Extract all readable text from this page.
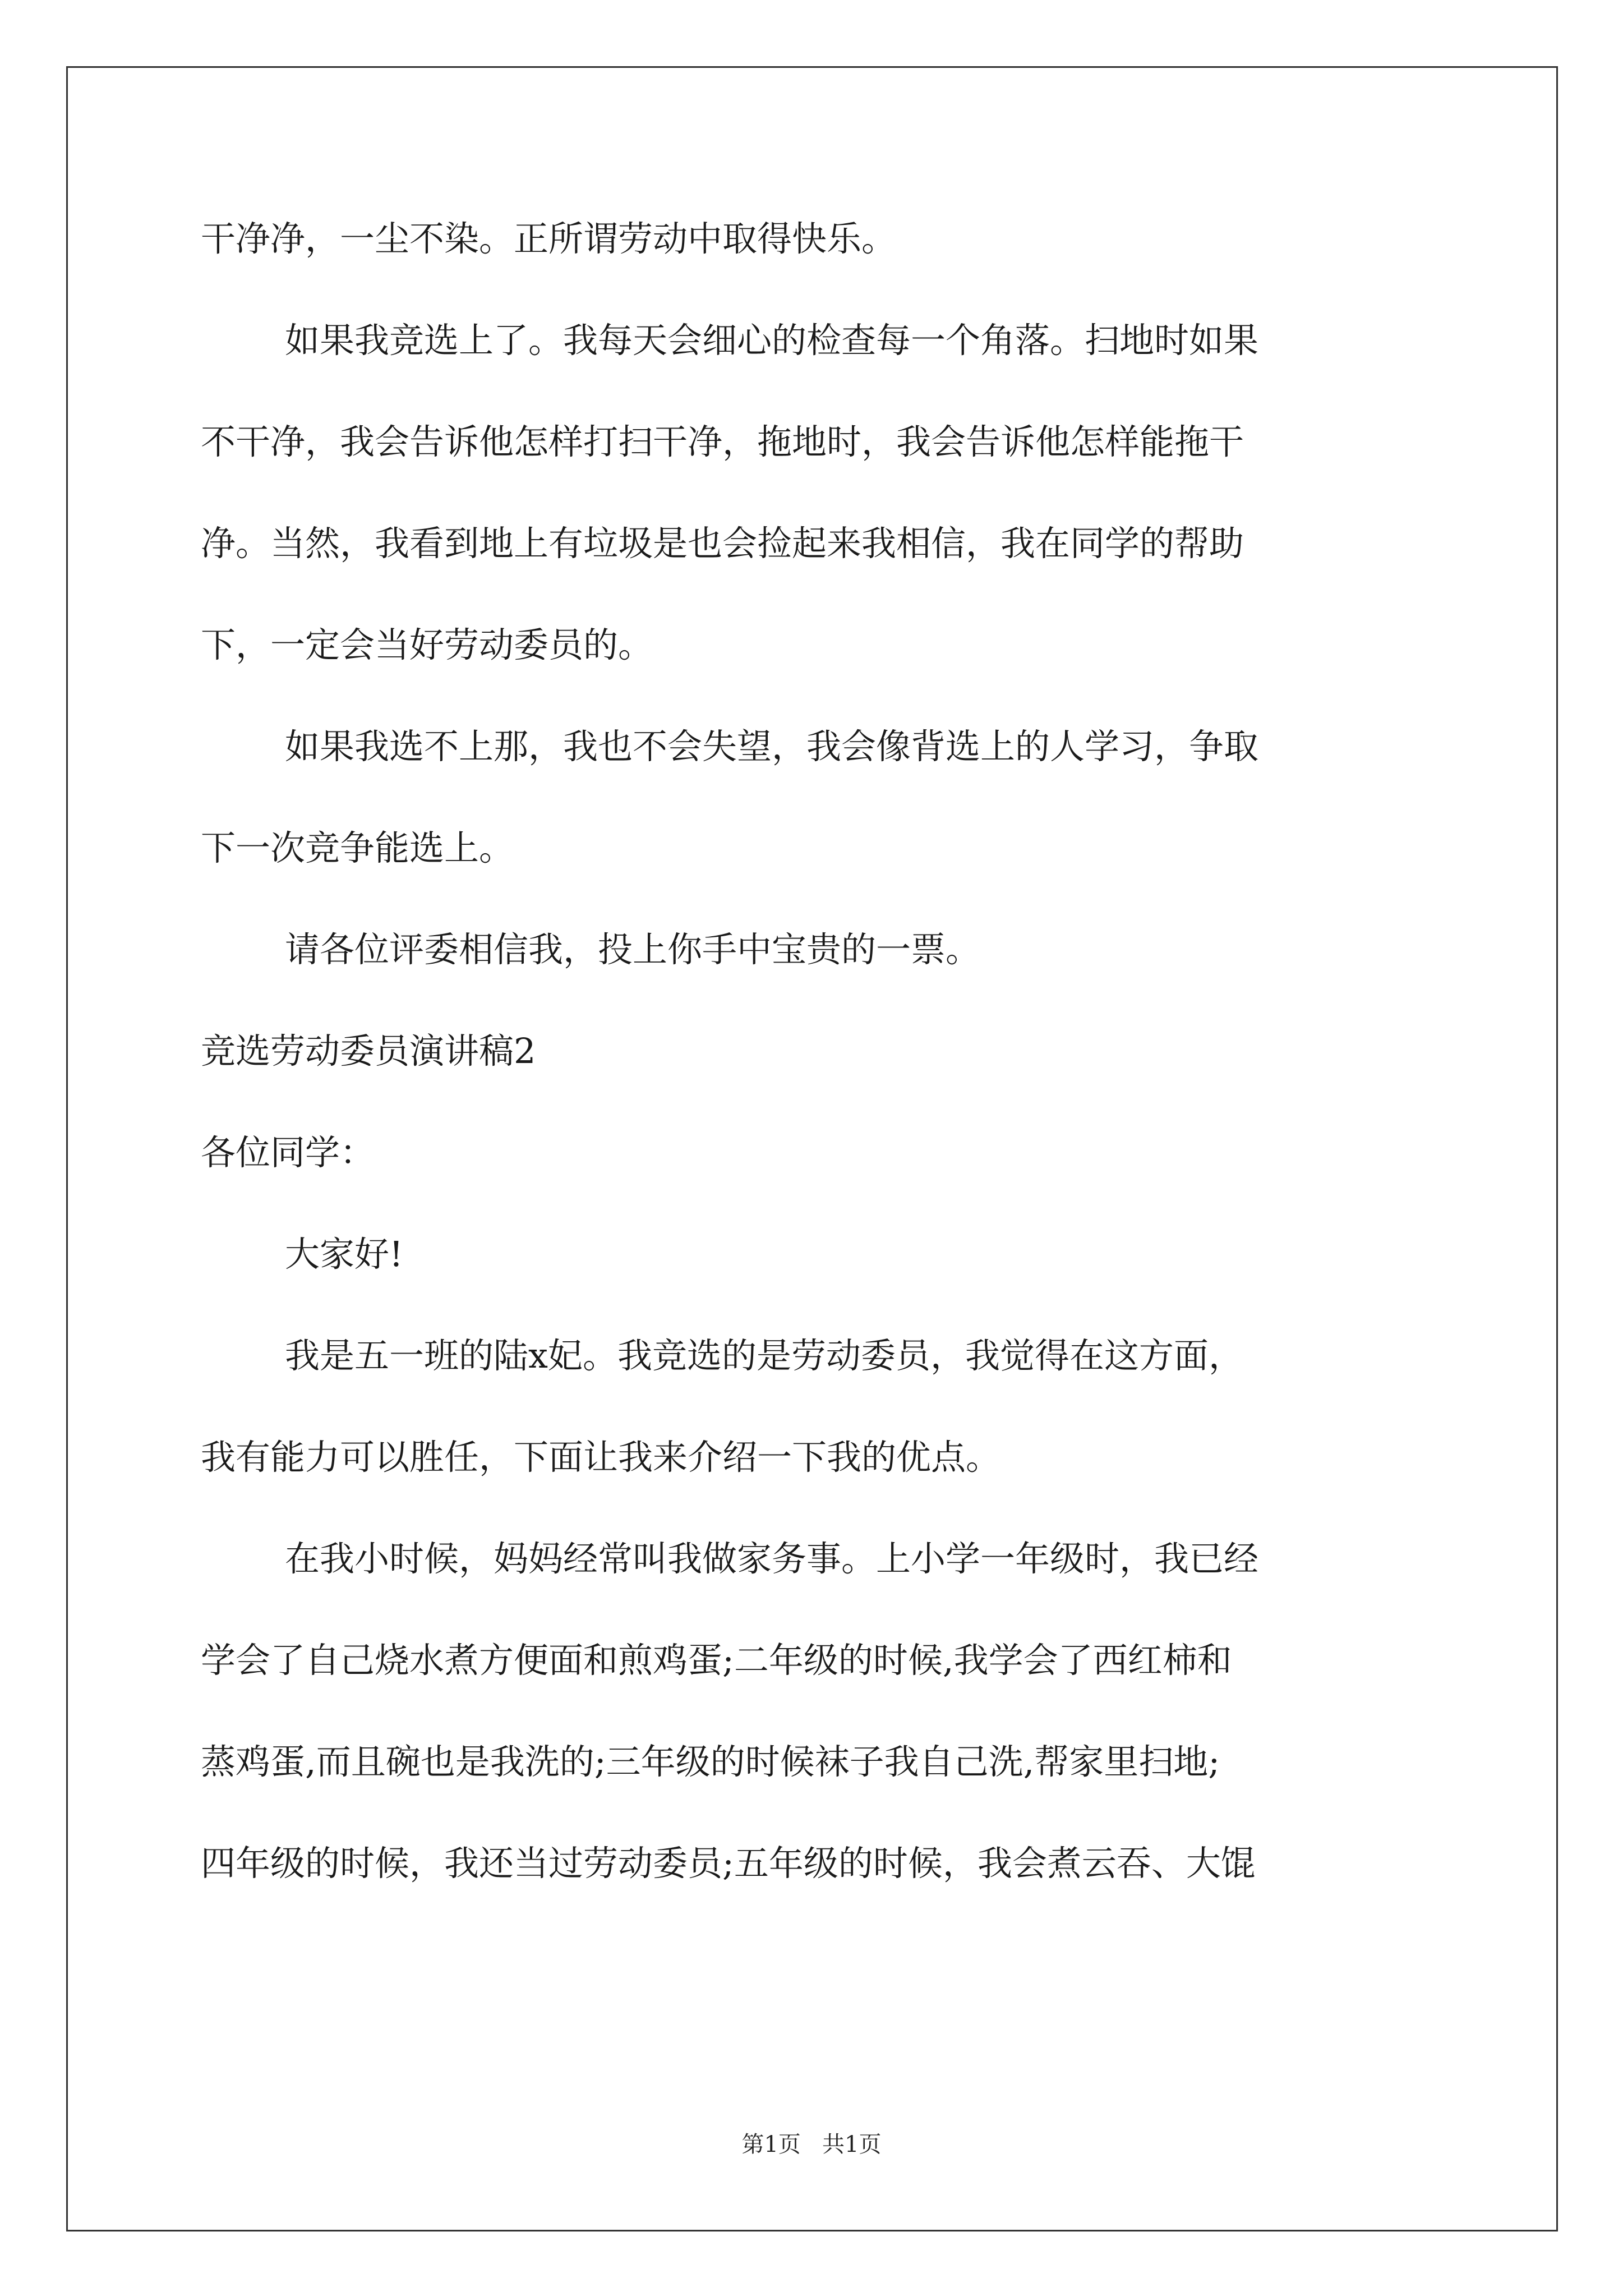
干净净，一尘不染。正所谓劳动中取得快乐。
如果我竞选上了。我每天会细心的检查每一个角落。扫地时如果
不干净，我会告诉他怎样打扫干净，拖地时，我会告诉他怎样能拖干
净。当然，我看到地上有垃圾是也会捡起来我相信，我在同学的帮助
下，一定会当好劳动委员的。
如果我选不上那，我也不会失望，我会像背选上的人学习，争取
下一次竞争能选上。
请各位评委相信我，投上你手中宝贵的一票。
竞选劳动委员演讲稿2
各位同学：
大家好!
我是五一班的陆x妃。我竞选的是劳动委员，我觉得在这方面，
我有能力可以胜任，下面让我来介绍一下我的优点。
在我小时候，妈妈经常叫我做家务事。上小学一年级时，我已经
学会了自己烧水煮方便面和煎鸡蛋;二年级的时候,我学会了西红柿和
蒸鸡蛋,而且碗也是我洗的;三年级的时候袜子我自己洗,帮家里扫地;
四年级的时候，我还当过劳动委员;五年级的时候，我会煮云吞、大馄
第1页   共1页
